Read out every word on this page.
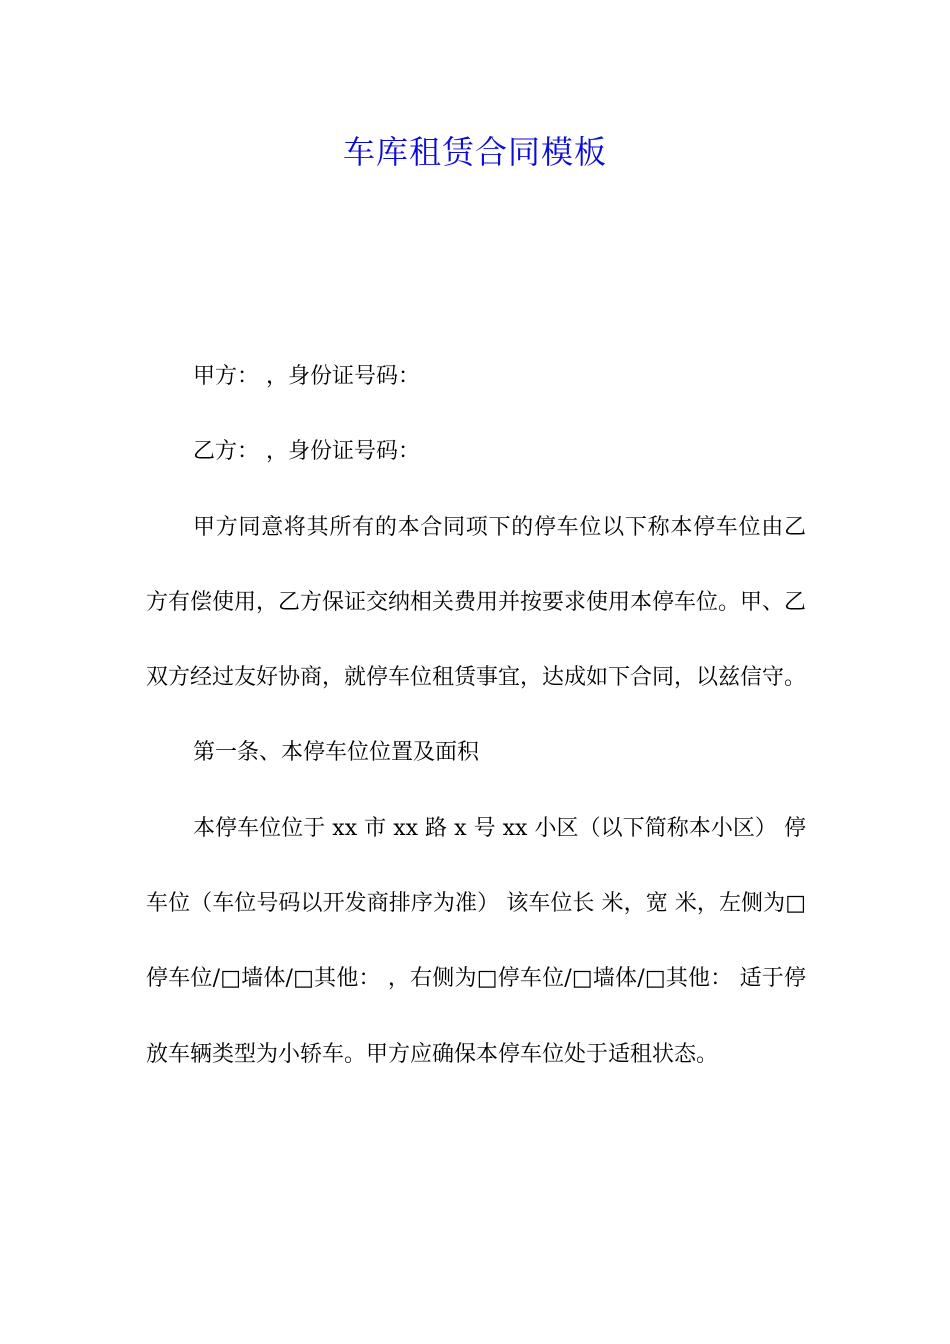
车库租赁合同模板

甲方： ，身份证号码：

乙方： ，身份证号码：

甲方同意将其所有的本合同项下的停车位以下称本停车位由乙方有偿使用，乙方保证交纳相关费用并按要求使用本停车位。甲、乙双方经过友好协商，就停车位租赁事宜，达成如下合同，以兹信守。

第一条、本停车位位置及面积

本停车位位于 xx 市 xx 路 x 号 xx 小区（以下简称本小区） 停车位（车位号码以开发商排序为准） 该车位长 米，宽 米，左侧为□停车位/□墙体/□其他： ，右侧为□停车位/□墙体/□其他： 适于停放车辆类型为小轿车。甲方应确保本停车位处于适租状态。
